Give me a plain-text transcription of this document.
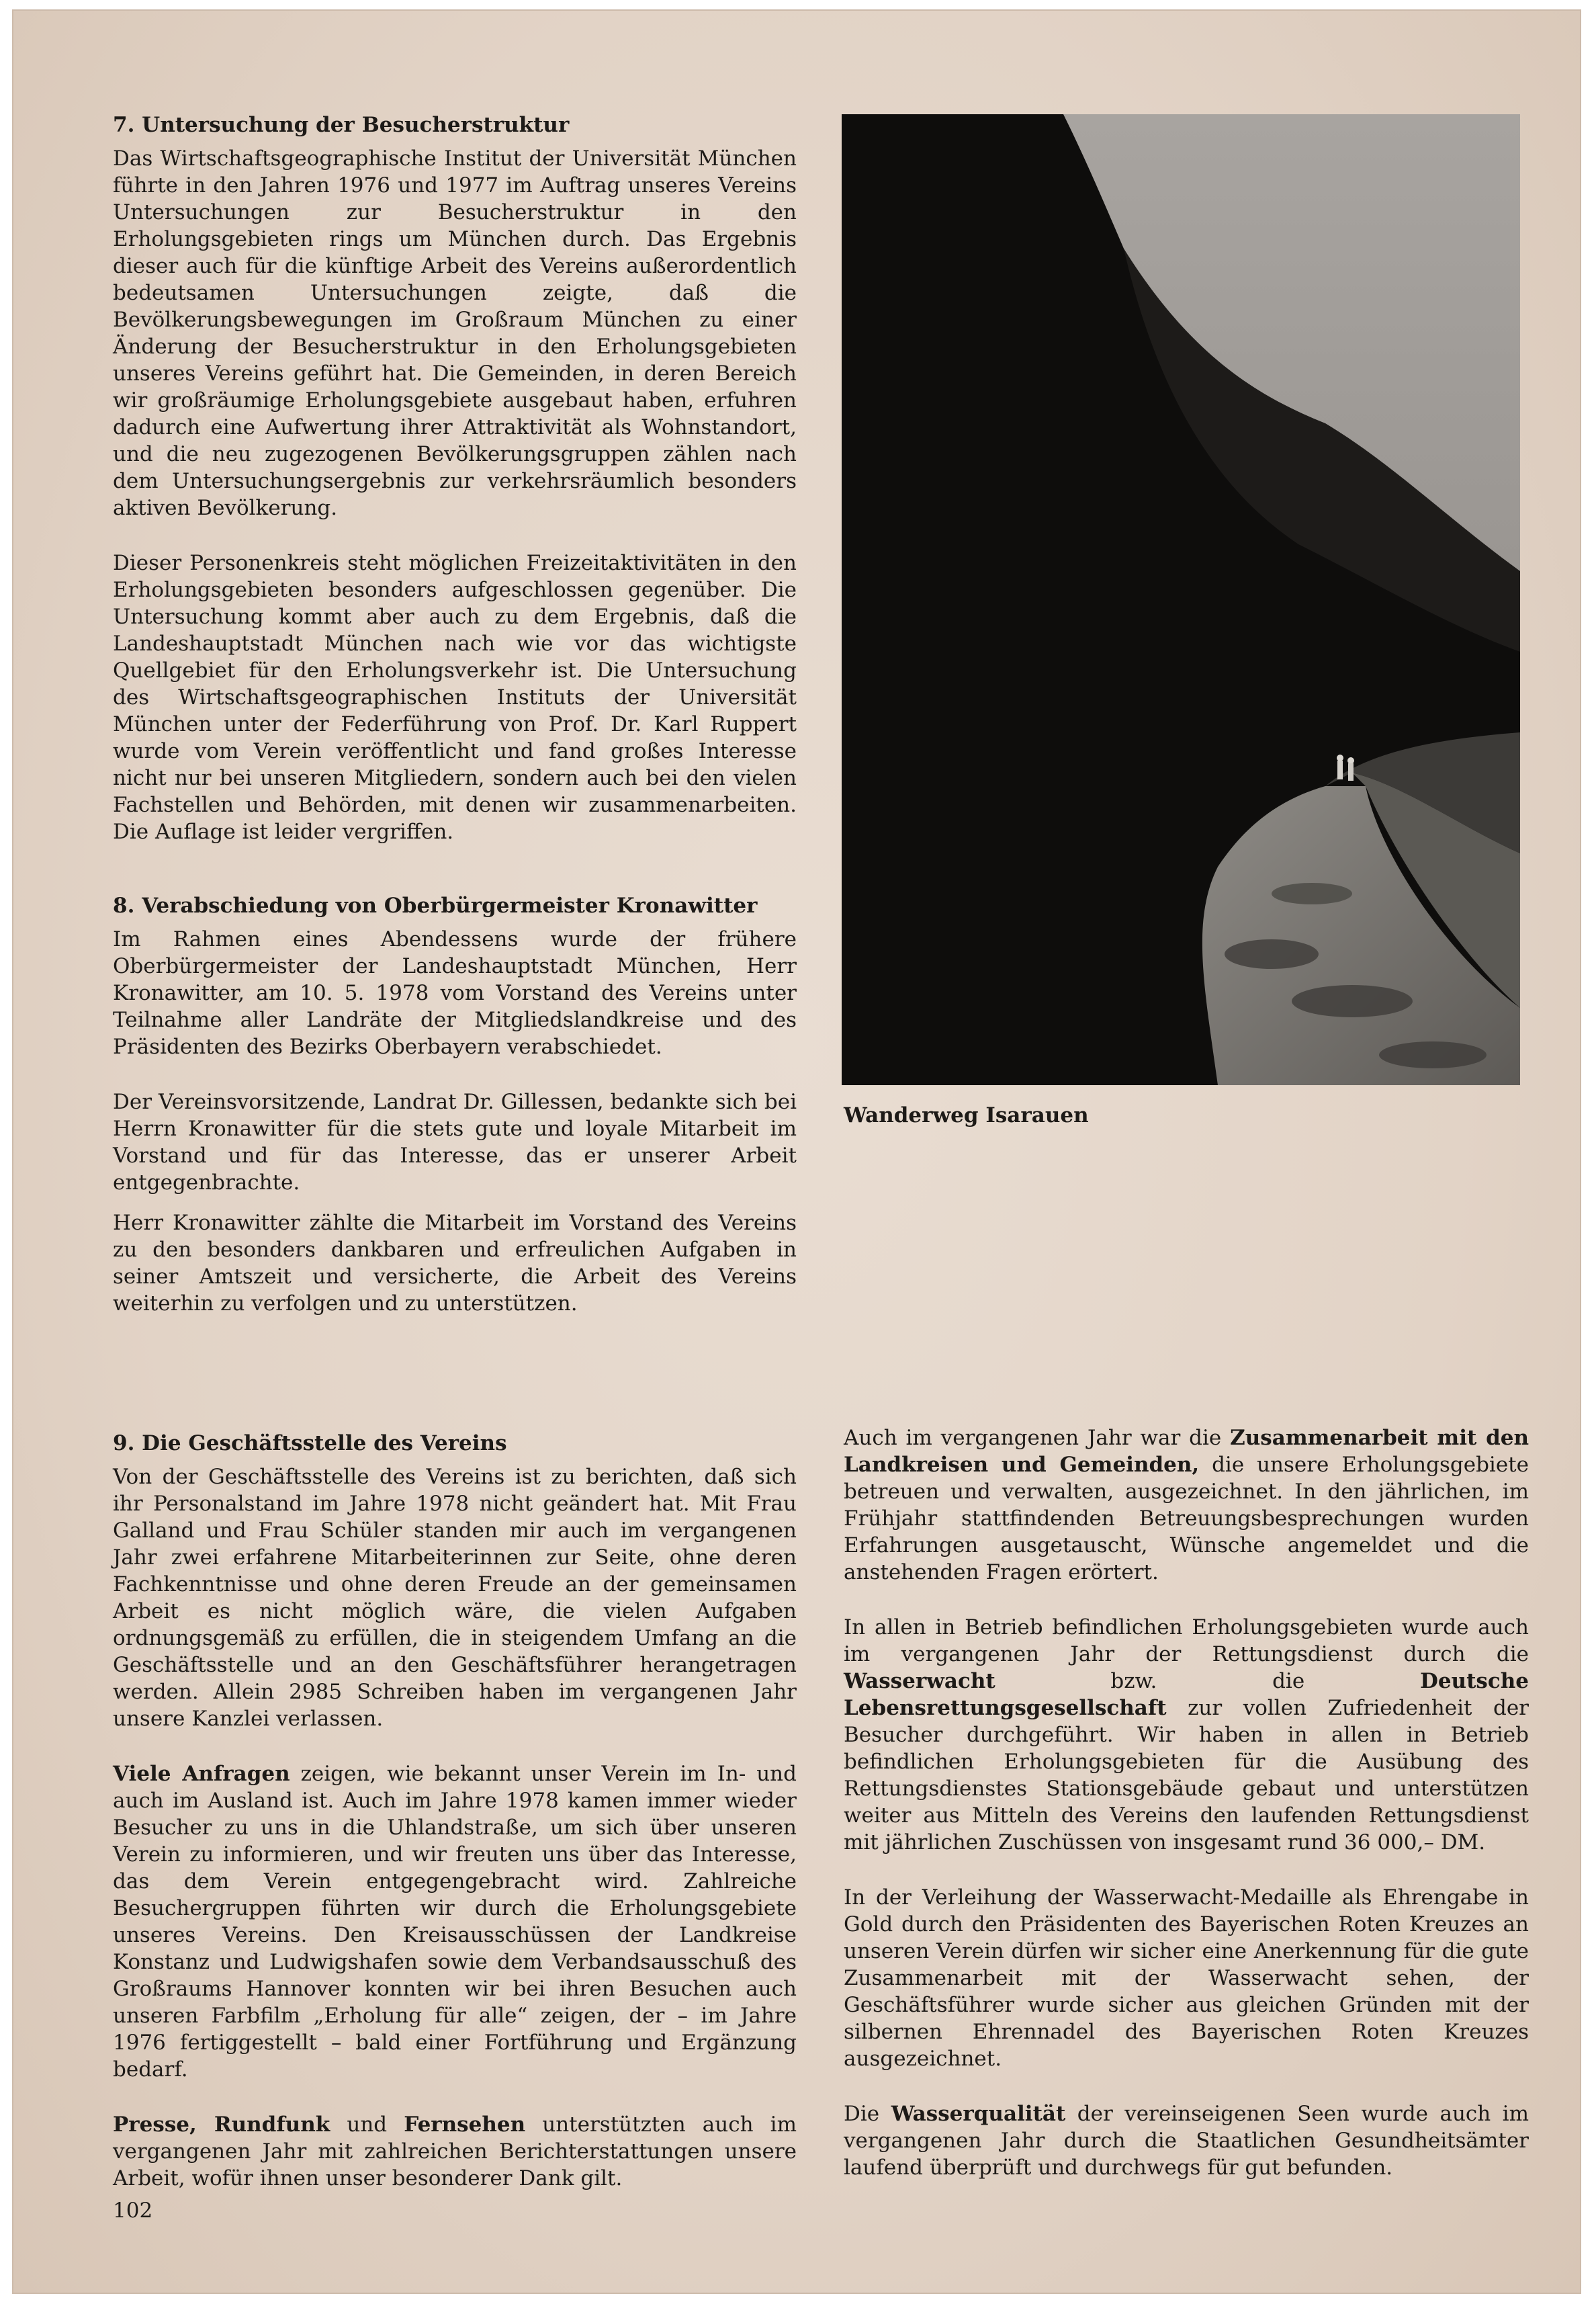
7. Untersuchung der Besucherstruktur

Das Wirtschaftsgeographische Institut der Universität München führte in den Jahren 1976 und 1977 im Auftrag unseres Vereins Untersuchungen zur Besucherstruktur in den Erholungsgebieten rings um München durch. Das Ergebnis dieser auch für die künftige Arbeit des Vereins außerordentlich bedeutsamen Untersuchungen zeigte, daß die Bevölkerungsbewegungen im Großraum München zu einer Änderung der Besucherstruktur in den Erholungsgebieten unseres Vereins geführt hat. Die Gemeinden, in deren Bereich wir großräumige Erholungsgebiete ausgebaut haben, erfuhren dadurch eine Aufwertung ihrer Attraktivität als Wohnstandort, und die neu zugezogenen Bevölkerungsgruppen zählen nach dem Untersuchungsergebnis zur verkehrsräumlich besonders aktiven Bevölkerung.

Dieser Personenkreis steht möglichen Freizeitaktivitäten in den Erholungsgebieten besonders aufgeschlossen gegenüber. Die Untersuchung kommt aber auch zu dem Ergebnis, daß die Landeshauptstadt München nach wie vor das wichtigste Quellgebiet für den Erholungsverkehr ist. Die Untersuchung des Wirtschaftsgeographischen Instituts der Universität München unter der Federführung von Prof. Dr. Karl Ruppert wurde vom Verein veröffentlicht und fand großes Interesse nicht nur bei unseren Mitgliedern, sondern auch bei den vielen Fachstellen und Behörden, mit denen wir zusammenarbeiten. Die Auflage ist leider vergriffen.

8. Verabschiedung von Oberbürgermeister Kronawitter

Im Rahmen eines Abendessens wurde der frühere Oberbürgermeister der Landeshauptstadt München, Herr Kronawitter, am 10. 5. 1978 vom Vorstand des Vereins unter Teilnahme aller Landräte der Mitgliedslandkreise und des Präsidenten des Bezirks Oberbayern verabschiedet.

Der Vereinsvorsitzende, Landrat Dr. Gillessen, bedankte sich bei Herrn Kronawitter für die stets gute und loyale Mitarbeit im Vorstand und für das Interesse, das er unserer Arbeit entgegenbrachte.

Herr Kronawitter zählte die Mitarbeit im Vorstand des Vereins zu den besonders dankbaren und erfreulichen Aufgaben in seiner Amtszeit und versicherte, die Arbeit des Vereins weiterhin zu verfolgen und zu unterstützen.

Wanderweg Isarauen
9. Die Geschäftsstelle des Vereins

Von der Geschäftsstelle des Vereins ist zu berichten, daß sich ihr Personalstand im Jahre 1978 nicht geändert hat. Mit Frau Galland und Frau Schüler standen mir auch im vergangenen Jahr zwei erfahrene Mitarbeiterinnen zur Seite, ohne deren Fachkenntnisse und ohne deren Freude an der gemeinsamen Arbeit es nicht möglich wäre, die vielen Aufgaben ordnungsgemäß zu erfüllen, die in steigendem Umfang an die Geschäftsstelle und an den Geschäftsführer herangetragen werden. Allein 2985 Schreiben haben im vergangenen Jahr unsere Kanzlei verlassen.

Viele Anfragen zeigen, wie bekannt unser Verein im In- und auch im Ausland ist. Auch im Jahre 1978 kamen immer wieder Besucher zu uns in die Uhlandstraße, um sich über unseren Verein zu informieren, und wir freuten uns über das Interesse, das dem Verein entgegengebracht wird. Zahlreiche Besuchergruppen führten wir durch die Erholungsgebiete unseres Vereins. Den Kreisausschüssen der Landkreise Konstanz und Ludwigshafen sowie dem Verbandsausschuß des Großraums Hannover konnten wir bei ihren Besuchen auch unseren Farbfilm „Erholung für alle“ zeigen, der – im Jahre 1976 fertiggestellt – bald einer Fortführung und Ergänzung bedarf.

Presse, Rundfunk und Fernsehen unterstützten auch im vergangenen Jahr mit zahlreichen Berichterstattungen unsere Arbeit, wofür ihnen unser besonderer Dank gilt.

Auch im vergangenen Jahr war die Zusammenarbeit mit den Landkreisen und Gemeinden, die unsere Erholungsgebiete betreuen und verwalten, ausgezeichnet. In den jährlichen, im Frühjahr stattfindenden Betreuungsbesprechungen wurden Erfahrungen ausgetauscht, Wünsche angemeldet und die anstehenden Fragen erörtert.

In allen in Betrieb befindlichen Erholungsgebieten wurde auch im vergangenen Jahr der Rettungsdienst durch die Wasserwacht bzw. die Deutsche Lebensrettungsgesellschaft zur vollen Zufriedenheit der Besucher durchgeführt. Wir haben in allen in Betrieb befindlichen Erholungsgebieten für die Ausübung des Rettungsdienstes Stationsgebäude gebaut und unterstützen weiter aus Mitteln des Vereins den laufenden Rettungsdienst mit jährlichen Zuschüssen von insgesamt rund 36 000,– DM.

In der Verleihung der Wasserwacht-Medaille als Ehrengabe in Gold durch den Präsidenten des Bayerischen Roten Kreuzes an unseren Verein dürfen wir sicher eine Anerkennung für die gute Zusammenarbeit mit der Wasserwacht sehen, der Geschäftsführer wurde sicher aus gleichen Gründen mit der silbernen Ehrennadel des Bayerischen Roten Kreuzes ausgezeichnet.

Die Wasserqualität der vereinseigenen Seen wurde auch im vergangenen Jahr durch die Staatlichen Gesundheitsämter laufend überprüft und durchwegs für gut befunden.

102
